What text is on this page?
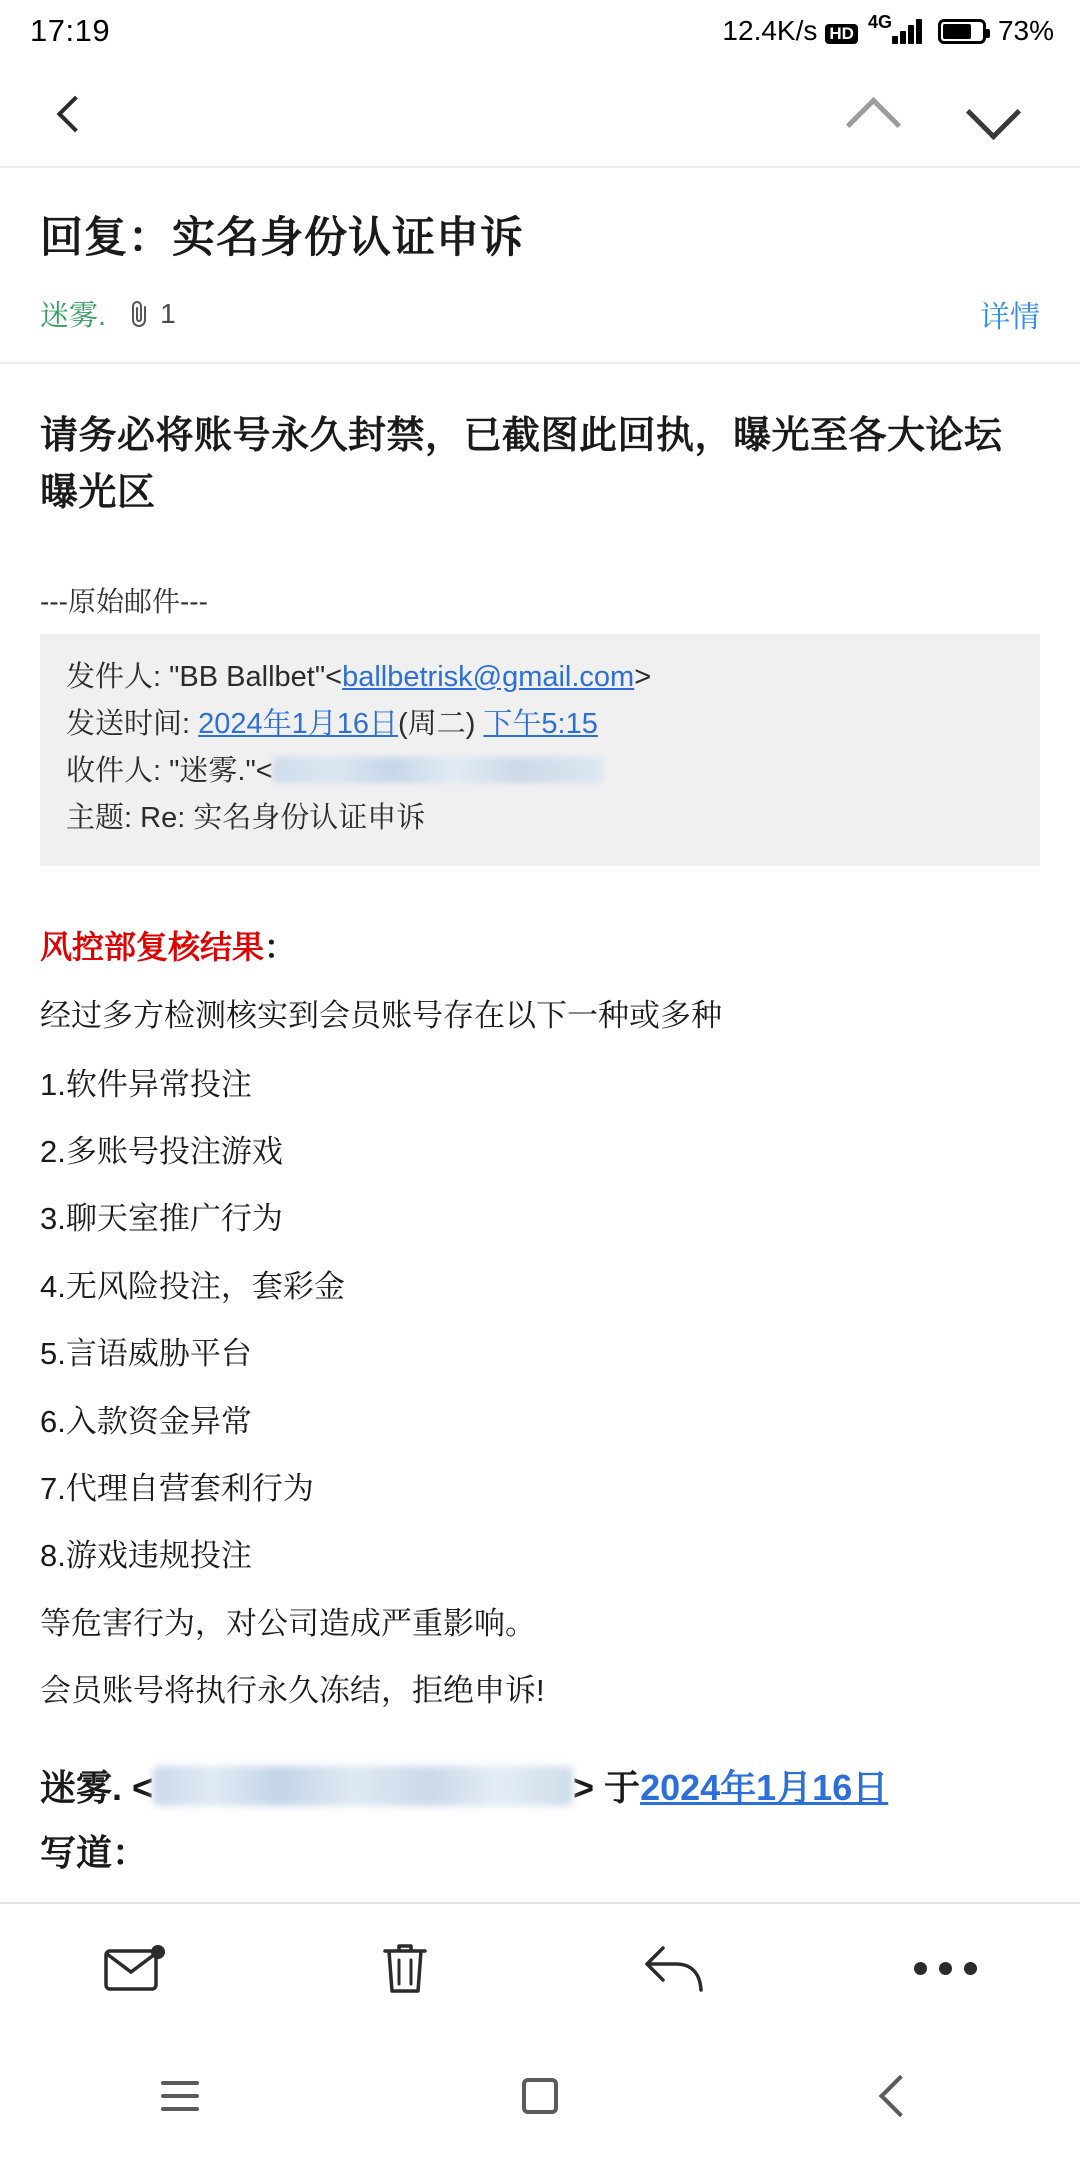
17:19	12.4K/s HD
4G	73%
回复：实名身份认证申诉
迷雾. 1	详情
请务必将账号永久封禁，已截图此回执，曝光至各大论坛曝光区
---原始邮件---
发件人: "BB Ballbet"<ballbetrisk@gmail.com>
发送时间: 2024年1月16日(周二) 下午5:15
收件人: "迷雾."<
主题: Re: 实名身份认证申诉
风控部复核结果：
经过多方检测核实到会员账号存在以下一种或多种
1.软件异常投注
2.多账号投注游戏
3.聊天室推广行为
4.无风险投注，套彩金
5.言语威胁平台
6.入款资金异常
7.代理自营套利行为
8.游戏违规投注
等危害行为，对公司造成严重影响。
会员账号将执行永久冻结，拒绝申诉!
迷雾. <	> 于2024年1月16日
写道：
